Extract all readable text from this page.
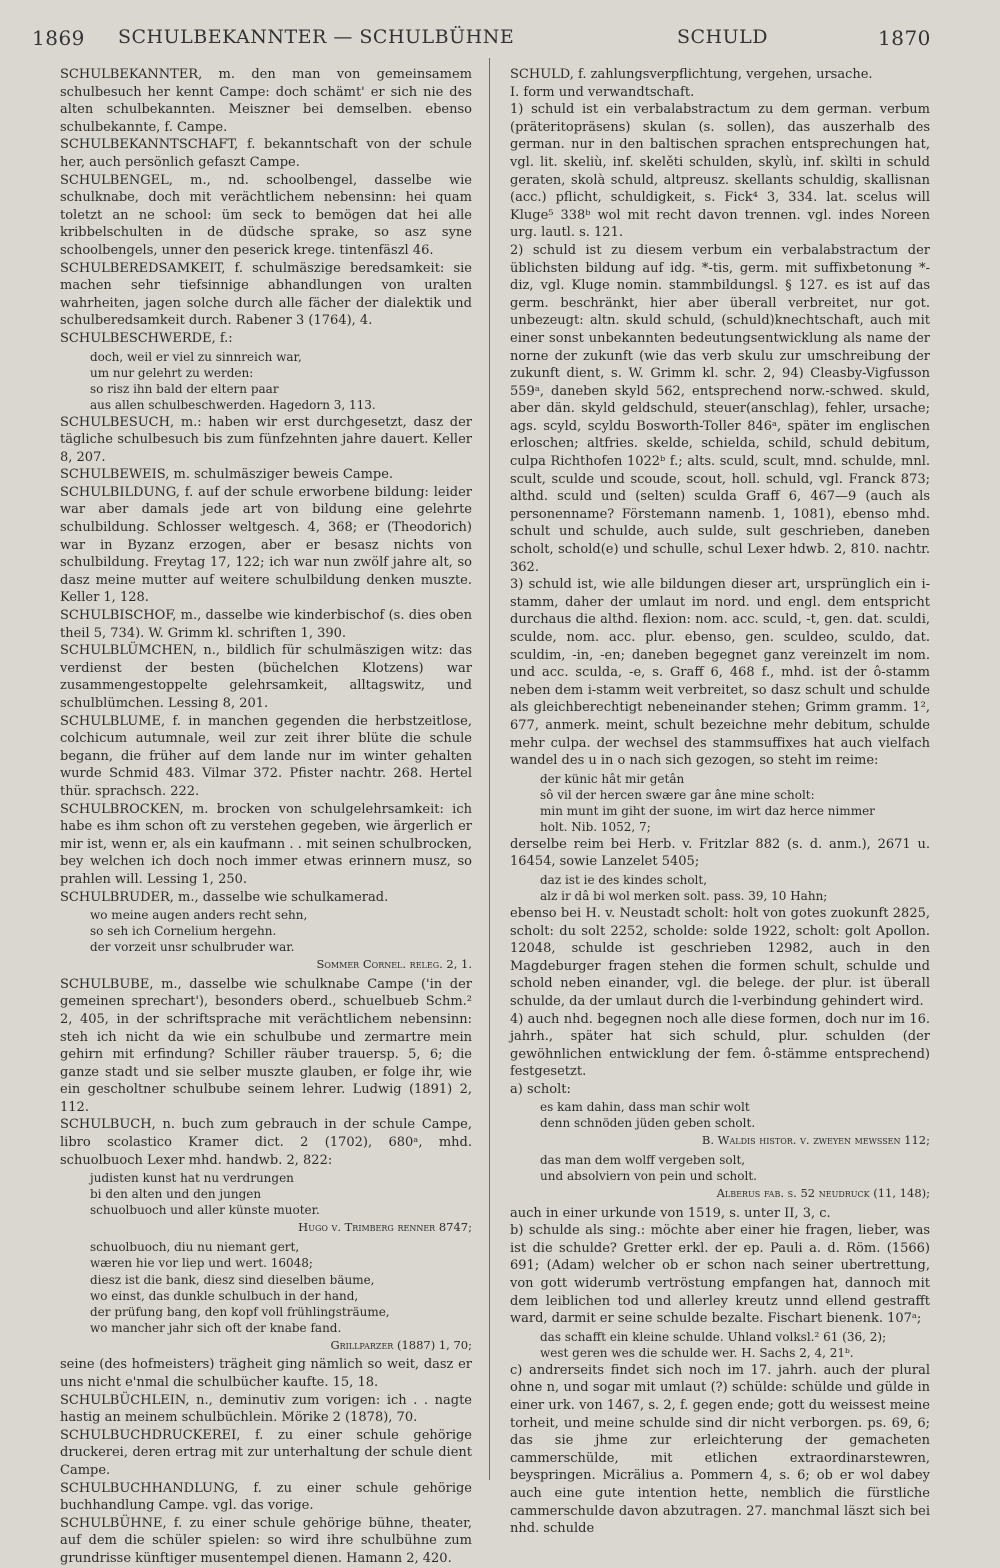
1869 SCHULBEKANNTER — SCHULBÜHNE	SCHULD	1870

SCHULBEKANNTER, m. den man von gemeinsamem schulbesuch her kennt Campe: doch schämt' er sich nie des alten schulbekannten. Meiszner bei demselben. ebenso schulbekannte, f. Campe.

SCHULBEKANNTSCHAFT, f. bekanntschaft von der schule her, auch persönlich gefaszt Campe.

SCHULBENGEL, m., nd. schoolbengel, dasselbe wie schulknabe, doch mit verächtlichem nebensinn: hei quam toletzt an ne school: üm seck to bemögen dat hei alle kribbelschulten in de düdsche sprake, so asz syne schoolbengels, unner den peserick krege. tintenfäszl 46.

SCHULBEREDSAMKEIT, f. schulmäszige beredsamkeit: sie machen sehr tiefsinnige abhandlungen von uralten wahrheiten, jagen solche durch alle fächer der dialektik und schulberedsamkeit durch. Rabener 3 (1764), 4.

SCHULBESCHWERDE, f.:

doch, weil er viel zu sinnreich war,
um nur gelehrt zu werden:
so risz ihn bald der eltern paar
aus allen schulbeschwerden. Hagedorn 3, 113.

SCHULBESUCH, m.: haben wir erst durchgesetzt, dasz der tägliche schulbesuch bis zum fünfzehnten jahre dauert. Keller 8, 207.

SCHULBEWEIS, m. schulmäsziger beweis Campe.

SCHULBILDUNG, f. auf der schule erworbene bildung: leider war aber damals jede art von bildung eine gelehrte schulbildung. Schlosser weltgesch. 4, 368; er (Theodorich) war in Byzanz erzogen, aber er besasz nichts von schulbildung. Freytag 17, 122; ich war nun zwölf jahre alt, so dasz meine mutter auf weitere schulbildung denken muszte. Keller 1, 128.

SCHULBISCHOF, m., dasselbe wie kinderbischof (s. dies oben theil 5, 734). W. Grimm kl. schriften 1, 390.

SCHULBLÜMCHEN, n., bildlich für schulmäszigen witz: das verdienst der besten (büchelchen Klotzens) war zusammengestoppelte gelehrsamkeit, alltagswitz, und schulblümchen. Lessing 8, 201.

SCHULBLUME, f. in manchen gegenden die herbstzeitlose, colchicum autumnale, weil zur zeit ihrer blüte die schule begann, die früher auf dem lande nur im winter gehalten wurde Schmid 483. Vilmar 372. Pfister nachtr. 268. Hertel thür. sprachsch. 222.

SCHULBROCKEN, m. brocken von schulgelehrsamkeit: ich habe es ihm schon oft zu verstehen gegeben, wie ärgerlich er mir ist, wenn er, als ein kaufmann . . mit seinen schulbrocken, bey welchen ich doch noch immer etwas erinnern musz, so prahlen will. Lessing 1, 250.

SCHULBRUDER, m., dasselbe wie schulkamerad.

wo meine augen anders recht sehn,
so seh ich Cornelium hergehn.
der vorzeit unsr schulbruder war.

Sommer Cornel. releg. 2, 1.

SCHULBUBE, m., dasselbe wie schulknabe Campe ('in der gemeinen sprechart'), besonders oberd., schuelbueb Schm.² 2, 405, in der schriftsprache mit verächtlichem nebensinn: steh ich nicht da wie ein schulbube und zermartre mein gehirn mit erfindung? Schiller räuber trauersp. 5, 6; die ganze stadt und sie selber muszte glauben, er folge ihr, wie ein gescholtner schulbube seinem lehrer. Ludwig (1891) 2, 112.

SCHULBUCH, n. buch zum gebrauch in der schule Campe, libro scolastico Kramer dict. 2 (1702), 680ᵃ, mhd. schuolbuoch Lexer mhd. handwb. 2, 822:

judisten kunst hat nu verdrungen
bi den alten und den jungen
schuolbuoch und aller künste muoter.

Hugo v. Trimberg renner 8747;

schuolbuoch, diu nu niemant gert,
wæren hie vor liep und wert. 16048;

diesz ist die bank, diesz sind dieselben bäume,
wo einst, das dunkle schulbuch in der hand,
der prüfung bang, den kopf voll frühlingsträume,
wo mancher jahr sich oft der knabe fand.

Grillparzer (1887) 1, 70;

seine (des hofmeisters) trägheit ging nämlich so weit, dasz er uns nicht e'nmal die schulbücher kaufte. 15, 18.

SCHULBÜCHLEIN, n., deminutiv zum vorigen: ich . . nagte hastig an meinem schulbüchlein. Mörike 2 (1878), 70.

SCHULBUCHDRUCKEREI, f. zu einer schule gehörige druckerei, deren ertrag mit zur unterhaltung der schule dient Campe.

SCHULBUCHHANDLUNG, f. zu einer schule gehörige buchhandlung Campe. vgl. das vorige.

SCHULBÜHNE, f. zu einer schule gehörige bühne, theater, auf dem die schüler spielen: so wird ihre schulbühne zum grundrisse künftiger musentempel dienen. Hamann 2, 420.

SCHULD, f. zahlungsverpflichtung, vergehen, ursache.

I. form und verwandtschaft.

1) schuld ist ein verbalabstractum zu dem german. verbum (präteritopräsens) skulan (s. sollen), das auszerhalb des german. nur in den baltischen sprachen entsprechungen hat, vgl. lit. skeliù, inf. skelěti schulden, skylù, inf. skìlti in schuld geraten, skolà schuld, altpreusz. skellants schuldig, skallisnan (acc.) pflicht, schuldigkeit, s. Fick⁴ 3, 334. lat. scelus will Kluge⁵ 338ᵇ wol mit recht davon trennen. vgl. indes Noreen urg. lautl. s. 121.

2) schuld ist zu diesem verbum ein verbalabstractum der üblichsten bildung auf idg. *-tis, germ. mit suffixbetonung *-diz, vgl. Kluge nomin. stammbildungsl. § 127. es ist auf das germ. beschränkt, hier aber überall verbreitet, nur got. unbezeugt: altn. skuld schuld, (schuld)knechtschaft, auch mit einer sonst unbekannten bedeutungsentwicklung als name der norne der zukunft (wie das verb skulu zur umschreibung der zukunft dient, s. W. Grimm kl. schr. 2, 94) Cleasby-Vigfusson 559ᵃ, daneben skyld 562, entsprechend norw.-schwed. skuld, aber dän. skyld geldschuld, steuer(anschlag), fehler, ursache; ags. scyld, scyldu Bosworth-Toller 846ᵃ, später im englischen erloschen; altfries. skelde, schielda, schild, schuld debitum, culpa Richthofen 1022ᵇ f.; alts. sculd, scult, mnd. schulde, mnl. scult, sculde und scoude, scout, holl. schuld, vgl. Franck 873; althd. sculd und (selten) sculda Graff 6, 467—9 (auch als personenname? Förstemann namenb. 1, 1081), ebenso mhd. schult und schulde, auch sulde, sult geschrieben, daneben scholt, schold(e) und schulle, schul Lexer hdwb. 2, 810. nachtr. 362.

3) schuld ist, wie alle bildungen dieser art, ursprünglich ein i-stamm, daher der umlaut im nord. und engl. dem entspricht durchaus die althd. flexion: nom. acc. sculd, -t, gen. dat. sculdi, sculde, nom. acc. plur. ebenso, gen. sculdeo, sculdo, dat. sculdim, -in, -en; daneben begegnet ganz vereinzelt im nom. und acc. sculda, -e, s. Graff 6, 468 f., mhd. ist der ô-stamm neben dem i-stamm weit verbreitet, so dasz schult und schulde als gleichberechtigt nebeneinander stehen; Grimm gramm. 1², 677, anmerk. meint, schult bezeichne mehr debitum, schulde mehr culpa. der wechsel des stammsuffixes hat auch vielfach wandel des u in o nach sich gezogen, so steht im reime:

der künic hât mir getân
sô vil der hercen swære gar âne mine scholt:
min munt im giht der suone, im wirt daz herce nimmer
holt. Nib. 1052, 7;

derselbe reim bei Herb. v. Fritzlar 882 (s. d. anm.), 2671 u. 16454, sowie Lanzelet 5405;

daz ist ie des kindes scholt,
alz ir dâ bi wol merken solt. pass. 39, 10 Hahn;

ebenso bei H. v. Neustadt scholt: holt von gotes zuokunft 2825, scholt: du solt 2252, scholde: solde 1922, scholt: golt Apollon. 12048, schulde ist geschrieben 12982, auch in den Magdeburger fragen stehen die formen schult, schulde und schold neben einander, vgl. die belege. der plur. ist überall schulde, da der umlaut durch die l-verbindung gehindert wird.

4) auch nhd. begegnen noch alle diese formen, doch nur im 16. jahrh., später hat sich schuld, plur. schulden (der gewöhnlichen entwicklung der fem. ô-stämme entsprechend) festgesetzt.

a) scholt:

es kam dahin, dass man schir wolt
denn schnöden jüden geben scholt.

B. Waldis histor. v. zweyen mewssen 112;

das man dem wolff vergeben solt,
und absolviern von pein und scholt.

Alberus fab. s. 52 neudruck (11, 148);

auch in einer urkunde von 1519, s. unter II, 3, c.

b) schulde als sing.: möchte aber einer hie fragen, lieber, was ist die schulde? Gretter erkl. der ep. Pauli a. d. Röm. (1566) 691; (Adam) welcher ob er schon nach seiner ubertrettung, von gott widerumb vertröstung empfangen hat, dannoch mit dem leiblichen tod und allerley kreutz unnd ellend gestrafft ward, darmit er seine schulde bezalte. Fischart bienenk. 107ᵃ;

das schafft ein kleine schulde. Uhland volksl.² 61 (36, 2);
west geren wes die schulde wer. H. Sachs 2, 4, 21ᵇ.

c) andrerseits findet sich noch im 17. jahrh. auch der plural ohne n, und sogar mit umlaut (?) schülde: schülde und gülde in einer urk. von 1467, s. 2, f. gegen ende; gott du weissest meine torheit, und meine schulde sind dir nicht verborgen. ps. 69, 6; das sie jhme zur erleichterung der gemacheten cammerschülde, mit etlichen extraordinarstewren, beyspringen. Micrälius a. Pommern 4, s. 6; ob er wol dabey auch eine gute intention hette, nemblich die fürstliche cammerschulde davon abzutragen. 27. manchmal läszt sich bei nhd. schulde
